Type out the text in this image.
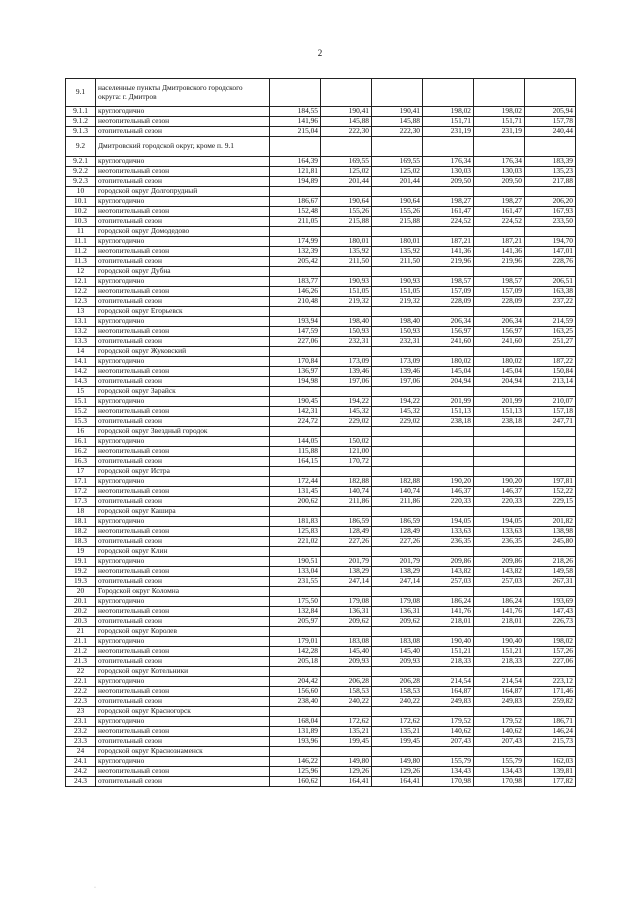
2
9.1	населенные пункты Дмитровского городского округа: г. Дмитров						
9.1.1	круглогодично	184,55	190,41	190,41	198,02	198,02	205,94
9.1.2	неотопительный сезон	141,96	145,88	145,88	151,71	151,71	157,78
9.1.3	отопительный сезон	215,04	222,30	222,30	231,19	231,19	240,44
9.2	Дмитровский городской округ, кроме п. 9.1						
9.2.1	круглогодично	164,39	169,55	169,55	176,34	176,34	183,39
9.2.2	неотопительный сезон	121,81	125,02	125,02	130,03	130,03	135,23
9.2.3	отопительный сезон	194,89	201,44	201,44	209,50	209,50	217,88
10	городской округ Долгопрудный						
10.1	круглогодично	186,67	190,64	190,64	198,27	198,27	206,20
10.2	неотопительный сезон	152,48	155,26	155,26	161,47	161,47	167,93
10.3	отопительный сезон	211,05	215,88	215,88	224,52	224,52	233,50
11	городской округ Домодедово						
11.1	круглогодично	174,99	180,01	180,01	187,21	187,21	194,70
11.2	неотопительный сезон	132,39	135,92	135,92	141,36	141,36	147,01
11.3	отопительный сезон	205,42	211,50	211,50	219,96	219,96	228,76
12	городской округ Дубна						
12.1	круглогодично	183,77	190,93	190,93	198,57	198,57	206,51
12.2	неотопительный сезон	146,26	151,05	151,05	157,09	157,09	163,38
12.3	отопительный сезон	210,48	219,32	219,32	228,09	228,09	237,22
13	городской округ Егорьевск						
13.1	круглогодично	193,94	198,40	198,40	206,34	206,34	214,59
13.2	неотопительный сезон	147,59	150,93	150,93	156,97	156,97	163,25
13.3	отопительный сезон	227,06	232,31	232,31	241,60	241,60	251,27
14	городской округ Жуковский						
14.1	круглогодично	170,84	173,09	173,09	180,02	180,02	187,22
14.2	неотопительный сезон	136,97	139,46	139,46	145,04	145,04	150,84
14.3	отопительный сезон	194,98	197,06	197,06	204,94	204,94	213,14
15	городской округ Зарайск						
15.1	круглогодично	190,45	194,22	194,22	201,99	201,99	210,07
15.2	неотопительный сезон	142,31	145,32	145,32	151,13	151,13	157,18
15.3	отопительный сезон	224,72	229,02	229,02	238,18	238,18	247,71
16	городской округ Звездный городок						
16.1	круглогодично	144,05	150,02				
16.2	неотопительный сезон	115,88	121,00				
16.3	отопительный сезон	164,15	170,72				
17	городской округ Истра						
17.1	круглогодично	172,44	182,88	182,88	190,20	190,20	197,81
17.2	неотопительный сезон	131,45	140,74	140,74	146,37	146,37	152,22
17.3	отопительный сезон	200,62	211,86	211,86	220,33	220,33	229,15
18	городской округ Кашира						
18.1	круглогодично	181,83	186,59	186,59	194,05	194,05	201,82
18.2	неотопительный сезон	125,83	128,49	128,49	133,63	133,63	138,98
18.3	отопительный сезон	221,02	227,26	227,26	236,35	236,35	245,80
19	городской округ Клин						
19.1	круглогодично	190,51	201,79	201,79	209,86	209,86	218,26
19.2	неотопительный сезон	133,04	138,29	138,29	143,82	143,82	149,58
19.3	отопительный сезон	231,55	247,14	247,14	257,03	257,03	267,31
20	Городской округ Коломна						
20.1	круглогодично	175,50	179,08	179,08	186,24	186,24	193,69
20.2	неотопительный сезон	132,84	136,31	136,31	141,76	141,76	147,43
20.3	отопительный сезон	205,97	209,62	209,62	218,01	218,01	226,73
21	городской округ Королев						
21.1	круглогодично	179,01	183,08	183,08	190,40	190,40	198,02
21.2	неотопительный сезон	142,28	145,40	145,40	151,21	151,21	157,26
21.3	отопительный сезон	205,18	209,93	209,93	218,33	218,33	227,06
22	городской округ Котельники						
22.1	круглогодично	204,42	206,28	206,28	214,54	214,54	223,12
22.2	неотопительный сезон	156,60	158,53	158,53	164,87	164,87	171,46
22.3	отопительный сезон	238,40	240,22	240,22	249,83	249,83	259,82
23	городской округ Красногорск						
23.1	круглогодично	168,04	172,62	172,62	179,52	179,52	186,71
23.2	неотопительный сезон	131,89	135,21	135,21	140,62	140,62	146,24
23.3	отопительный сезон	193,96	199,45	199,45	207,43	207,43	215,73
24	городской округ Краснознаменск						
24.1	круглогодично	146,22	149,80	149,80	155,79	155,79	162,03
24.2	неотопительный сезон	125,96	129,26	129,26	134,43	134,43	139,81
24.3	отопительный сезон	160,62	164,41	164,41	170,98	170,98	177,82
·
